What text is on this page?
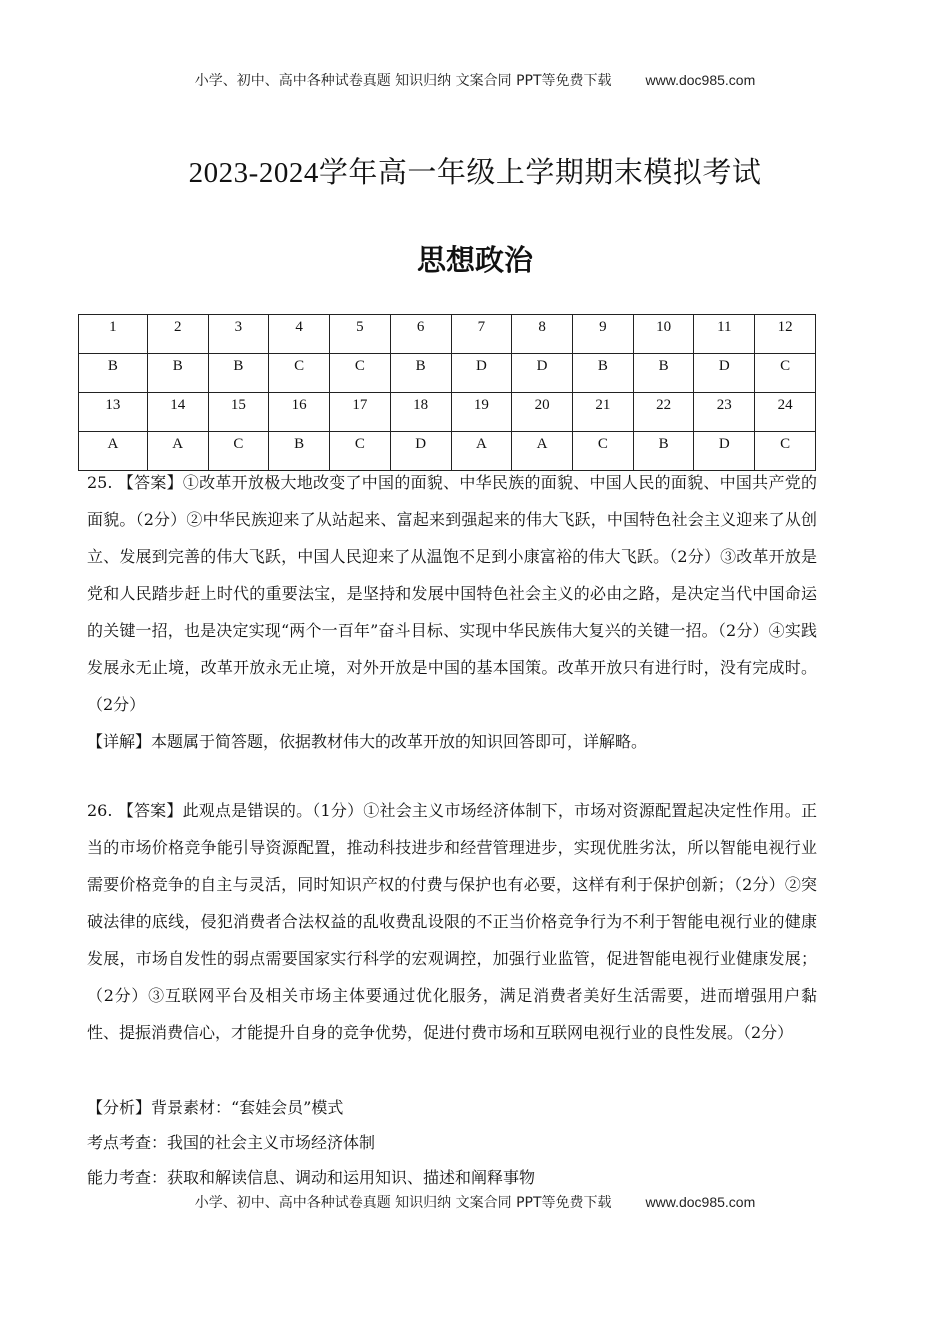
小学、初中、高中各种试卷真题 知识归纳 文案合同 PPT等免费下载 www.doc985.com
2023-2024学年高一年级上学期期末模拟考试
思想政治
1	2	3	4	5	6	7	8	9	10	11	12
B	B	B	C	C	B	D	D	B	B	D	C
13	14	15	16	17	18	19	20	21	22	23	24
A	A	C	B	C	D	A	A	C	B	D	C

25. 【答案】①改革开放极大地改变了中国的面貌、中华民族的面貌、中国人民的面貌、中国共产党的面貌。（2分）②中华民族迎来了从站起来、富起来到强起来的伟大飞跃，中国特色社会主义迎来了从创立、发展到完善的伟大飞跃，中国人民迎来了从温饱不足到小康富裕的伟大飞跃。（2分）③改革开放是党和人民踏步赶上时代的重要法宝，是坚持和发展中国特色社会主义的必由之路，是决定当代中国命运的关键一招，也是决定实现“两个一百年”奋斗目标、实现中华民族伟大复兴的关键一招。（2分）④实践发展永无止境，改革开放永无止境，对外开放是中国的基本国策。改革开放只有进行时，没有完成时。（2分）

【详解】本题属于简答题，依据教材伟大的改革开放的知识回答即可，详解略。

26. 【答案】此观点是错误的。（1分）①社会主义市场经济体制下，市场对资源配置起决定性作用。正当的市场价格竞争能引导资源配置，推动科技进步和经营管理进步，实现优胜劣汰，所以智能电视行业需要价格竞争的自主与灵活，同时知识产权的付费与保护也有必要，这样有利于保护创新；（2分）②突破法律的底线，侵犯消费者合法权益的乱收费乱设限的不正当价格竞争行为不利于智能电视行业的健康发展，市场自发性的弱点需要国家实行科学的宏观调控，加强行业监管，促进智能电视行业健康发展；（2分）③互联网平台及相关市场主体要通过优化服务，满足消费者美好生活需要，进而增强用户黏性、提振消费信心，才能提升自身的竞争优势，促进付费市场和互联网电视行业的良性发展。（2分）

【分析】背景素材：“套娃会员”模式

考点考查：我国的社会主义市场经济体制

能力考查：获取和解读信息、调动和运用知识、描述和阐释事物

小学、初中、高中各种试卷真题 知识归纳 文案合同 PPT等免费下载 www.doc985.com
